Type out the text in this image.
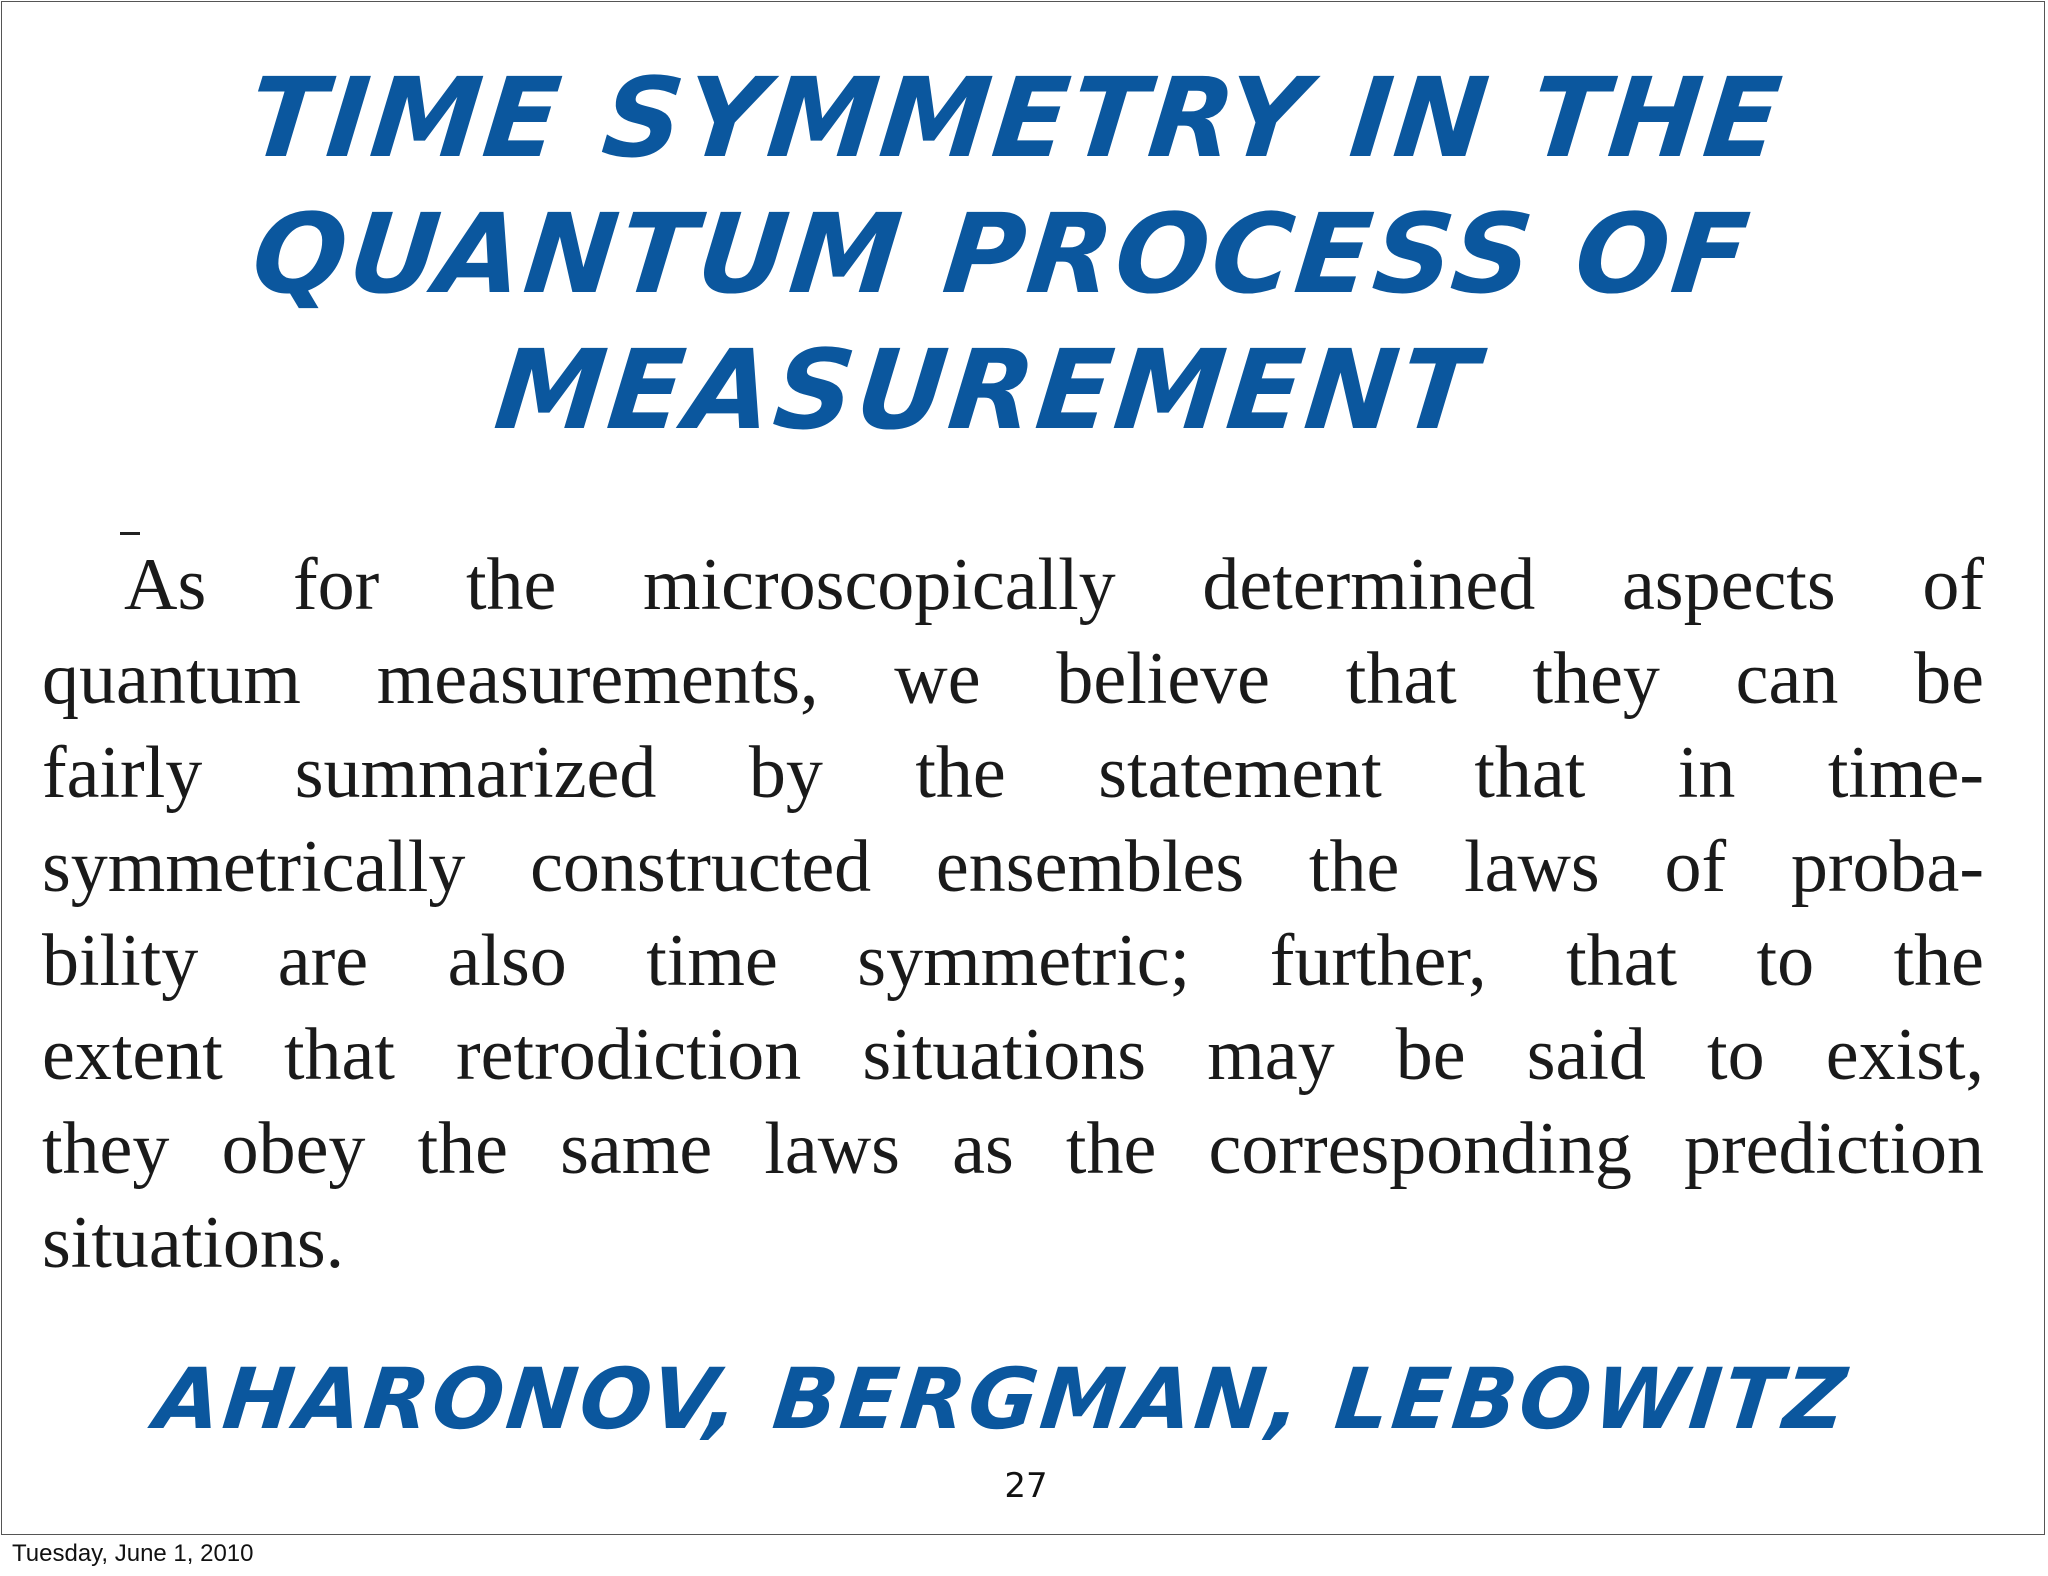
TIME SYMMETRY IN THE
QUANTUM PROCESS OF
MEASUREMENT
As for the microscopically determined aspects of
quantum measurements, we believe that they can be
fairly summarized by the statement that in time-
symmetrically constructed ensembles the laws of proba-
bility are also time symmetric; further, that to the
extent that retrodiction situations may be said to exist,
they obey the same laws as the corresponding prediction
situations.
AHARONOV, BERGMAN, LEBOWITZ
27
Tuesday, June 1, 2010
